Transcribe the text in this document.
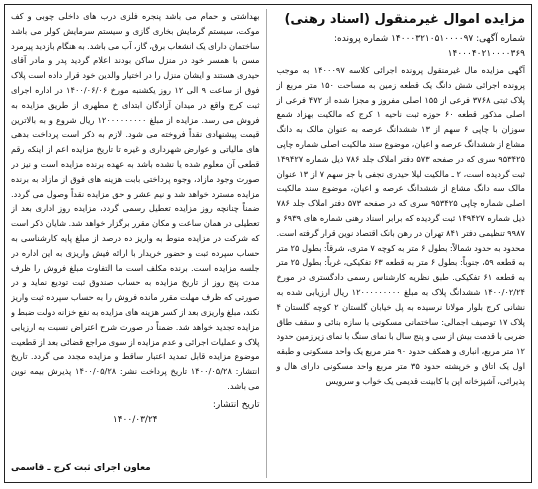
مزایده اموال غیرمنقول (اسناد رهنی)
شماره آگهی: ۱۴۰۰۰۳۲۱۰۵۱۰۰۰۰۹۷ شماره پرونده: ۱۴۰۰۰۴۰۲۱۰۰۰۰۳۶۹

آگهی مزایده مال غیرمنقول پرونده اجرائی کلاسه ۱۴۰۰۰۹۷ به موجب پرونده اجرائی شش دانگ یک قطعه زمین به مساحت ۱۵۰ متر مربع از پلاک ثبتی ۳۷۶۸ فرعی از ۱۵۵ اصلی مفروز و مجزا شده از ۴۷۲ فرعی از اصلی مذکور قطعه ۶۰ حوزه ثبت ناحیه ۱ کرج که مالکیت بهزاد شمع سوزان با چاپی ۶ سهم از ۱۳ ششدانگ عرصه به عنوان مالک به دانگ مشاع از ششدانگ عرصه و اعیان، موضوع سند مالکیت اصلی شماره چاپی ۹۵۳۴۲۵ سری که در صفحه ۵۷۳ دفتر املاک جلد ۷۸۶ ذیل شماره ۱۴۹۴۲۷ ثبت گردیده است، ۲ ـ مالکیت لیلا حیدری نجفی با جز سهم ۷ از ۱۳ عنوان مالک سه دانگ مشاع از ششدانگ عرصه و اعیان، موضوع سند مالکیت اصلی شماره چاپی ۹۵۳۴۲۵ سری که در صفحه ۵۷۳ دفتر املاک جلد ۷۸۶ ذیل شماره ۱۴۹۴۲۷ ثبت گردیده که برابر اسناد رهنی شماره های ۶۹۳۹ و ۹۹۸۷ تنظیمی دفتر ۸۴۱ تهران در رهن بانک اقتصاد نوین قرار گرفته است. محدود به حدود شمالاً: بطول ۶ متر به کوچه ۷ متری، شرقاً: بطول ۲۵ متر به قطعه ۵۹، جنوباً: بطول ۶ متر به قطعه ۶۳ تفکیکی، غرباً: بطول ۲۵ متر به قطعه ۶۱ تفکیکی. طبق نظریه کارشناس رسمی دادگستری در مورخ ۱۴۰۰/۰۲/۲۴ ششدانگ پلاک به مبلغ ۱۲۰۰۰۰۰۰۰۰۰ ریال ارزیابی شده به نشانی کرج بلوار مولانا نرسیده به پل خیابان گلستان ۲ کوچه گلستان ۴ پلاک ۱۷ توصیف اجمالی: ساختمانی مسکونی با سازه بنائی و سقف طاق ضربی با قدمت بیش از سی و پنج سال با نمای سنگ با نمای زیرزمین حدود ۱۲ متر مربع، انباری و همکف حدود ۹۰ متر مربع یک واحد مسکونی و طبقه اول یک اتاق و خرپشته حدود ۳۵ متر مربع واحد مسکونی دارای هال و پذیرائی، آشپزخانه اپن با کابینت قدیمی یک خواب و سرویس

بهداشتی و حمام می باشد پنجره فلزی درب های داخلی چوبی و کف موکت، سیستم گرمایش بخاری گازی و سیستم سرمایش کولر می باشد ساختمان دارای یک انشعاب برق، گاز، آب می باشد. به هنگام بازدید پیرمرد مسن با همسر خود در منزل ساکن بودند اعلام گردید پدر و مادر آقای حیدری هستند و ایشان منزل را در اختیار والدین خود قرار داده است پلاک فوق از ساعت ۹ الی ۱۲ روز یکشنبه مورخ ۱۴۰۰/۰۶/۰۶ در اداره اجرای ثبت کرج واقع در میدان آزادگان ابتدای خ مطهری از طریق مزایده به فروش می رسد. مزایده از مبلغ ۱۲۰۰۰۰۰۰۰۰۰ ریال شروع و به بالاترین قیمت پیشنهادی نقداً فروخته می شود. لازم به ذکر است پرداخت بدهی های مالیاتی و عوارض شهرداری و غیره تا تاریخ مزایده اعم از اینکه رقم قطعی آن معلوم شده یا نشده باشد به عهده برنده مزایده است و نیز در صورت وجود مازاد، وجوه پرداختی بابت هزینه های فوق از مازاد به برنده مزایده مسترد خواهد شد و نیم عشر و حق مزایده نقداً وصول می گردد. ضمناً چنانچه روز مزایده تعطیل رسمی گردد، مزایده روز اداری بعد از تعطیلی در همان ساعت و مکان مقرر برگزار خواهد شد. شایان ذکر است که شرکت در مزایده منوط به واریز ده درصد از مبلغ پایه کارشناسی به حساب سپرده ثبت و حضور خریدار با ارائه فیش واریزی به این اداره در جلسه مزایده است. برنده مکلف است ما التفاوت مبلغ فروش را ظرف مدت پنج روز از تاریخ مزایده به حساب صندوق ثبت تودیع نماید و در صورتی که ظرف مهلت مقرر مانده فروش را به حساب سپرده ثبت واریز نکند، مبلغ واریزی بعد از کسر هزینه های مزایده به نفع خزانه دولت ضبط و مزایده تجدید خواهد شد. ضمناً در صورت شرح اعتراض نسبت به ارزیابی پلاک و عملیات اجرائی و عدم مزایده از سوی مراجع قضائی بعد از قطعیت موضوع مزایده قابل تمدید اعتبار ساقط و مزایده مجدد می گردد. تاریخ انتشار: ۱۴۰۰/۰۵/۲۸ تاریخ پرداخت نشر: ۱۴۰۰/۰۵/۲۸ پذیرش بیمه نوین می باشد.

تاریخ انتشار:
۱۴۰۰/۰۳/۲۴
معاون اجرای ثبت کرج ـ قاسمی
